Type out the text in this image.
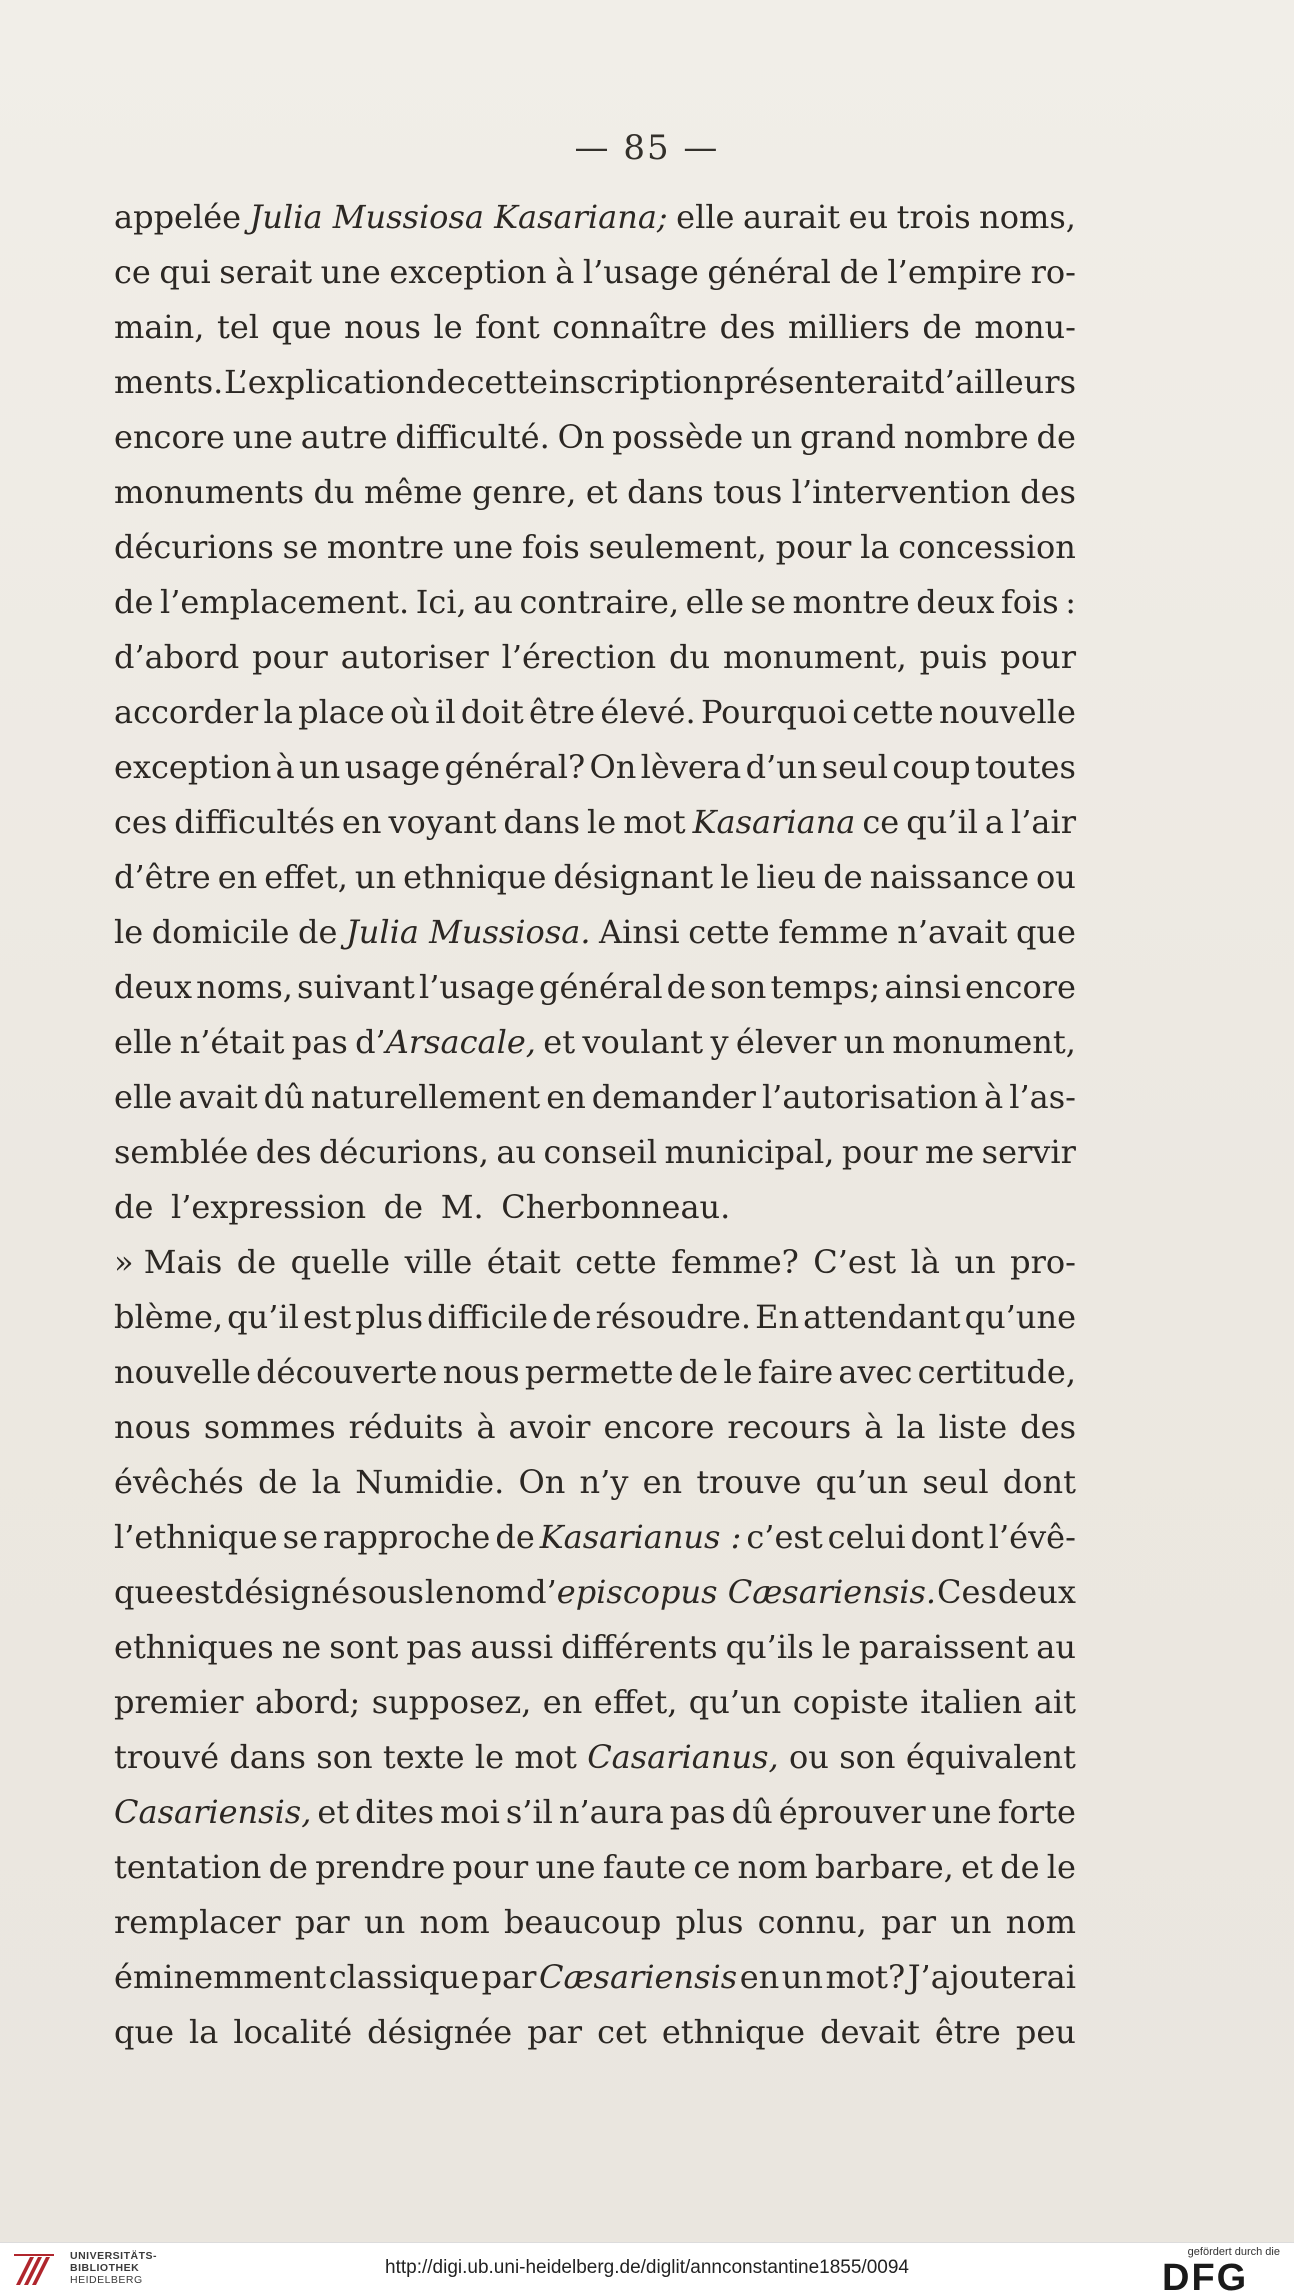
— 85 —
appelée Julia Mussiosa Kasariana; elle aurait eu trois noms,
ce qui serait une exception à l’usage général de l’empire ro-
main, tel que nous le font connaître des milliers de monu-
ments. L’explication de cette inscription présenterait d’ailleurs
encore une autre difficulté. On possède un grand nombre de
monuments du même genre, et dans tous l’intervention des
décurions se montre une fois seulement, pour la concession
de l’emplacement. Ici, au contraire, elle se montre deux fois :
d’abord pour autoriser l’érection du monument, puis pour
accorder la place où il doit être élevé. Pourquoi cette nouvelle
exception à un usage général? On lèvera d’un seul coup toutes
ces difficultés en voyant dans le mot Kasariana ce qu’il a l’air
d’être en effet, un ethnique désignant le lieu de naissance ou
le domicile de Julia Mussiosa. Ainsi cette femme n’avait que
deux noms, suivant l’usage général de son temps; ainsi encore
elle n’était pas d’Arsacale, et voulant y élever un monument,
elle avait dû naturellement en demander l’autorisation à l’as-
semblée des décurions, au conseil municipal, pour me servir
de l’expression de M. Cherbonneau.
» Mais de quelle ville était cette femme? C’est là un pro-
blème, qu’il est plus difficile de résoudre. En attendant qu’une
nouvelle découverte nous permette de le faire avec certitude,
nous sommes réduits à avoir encore recours à la liste des
évêchés de la Numidie. On n’y en trouve qu’un seul dont
l’ethnique se rapproche de Kasarianus : c’est celui dont l’évê-
que est désigné sous le nom d’episcopus Cæsariensis. Ces deux
ethniques ne sont pas aussi différents qu’ils le paraissent au
premier abord; supposez, en effet, qu’un copiste italien ait
trouvé dans son texte le mot Casarianus, ou son équivalent
Casariensis, et dites moi s’il n’aura pas dû éprouver une forte
tentation de prendre pour une faute ce nom barbare, et de le
remplacer par un nom beaucoup plus connu, par un nom
éminemment classique par Cæsariensis en un mot? J’ajouterai
que la localité désignée par cet ethnique devait être peu
UNIVERSITÄTS-
BIBLIOTHEK
HEIDELBERG
http://digi.ub.uni-heidelberg.de/diglit/annconstantine1855/0094
gefördert durch die
DFG
